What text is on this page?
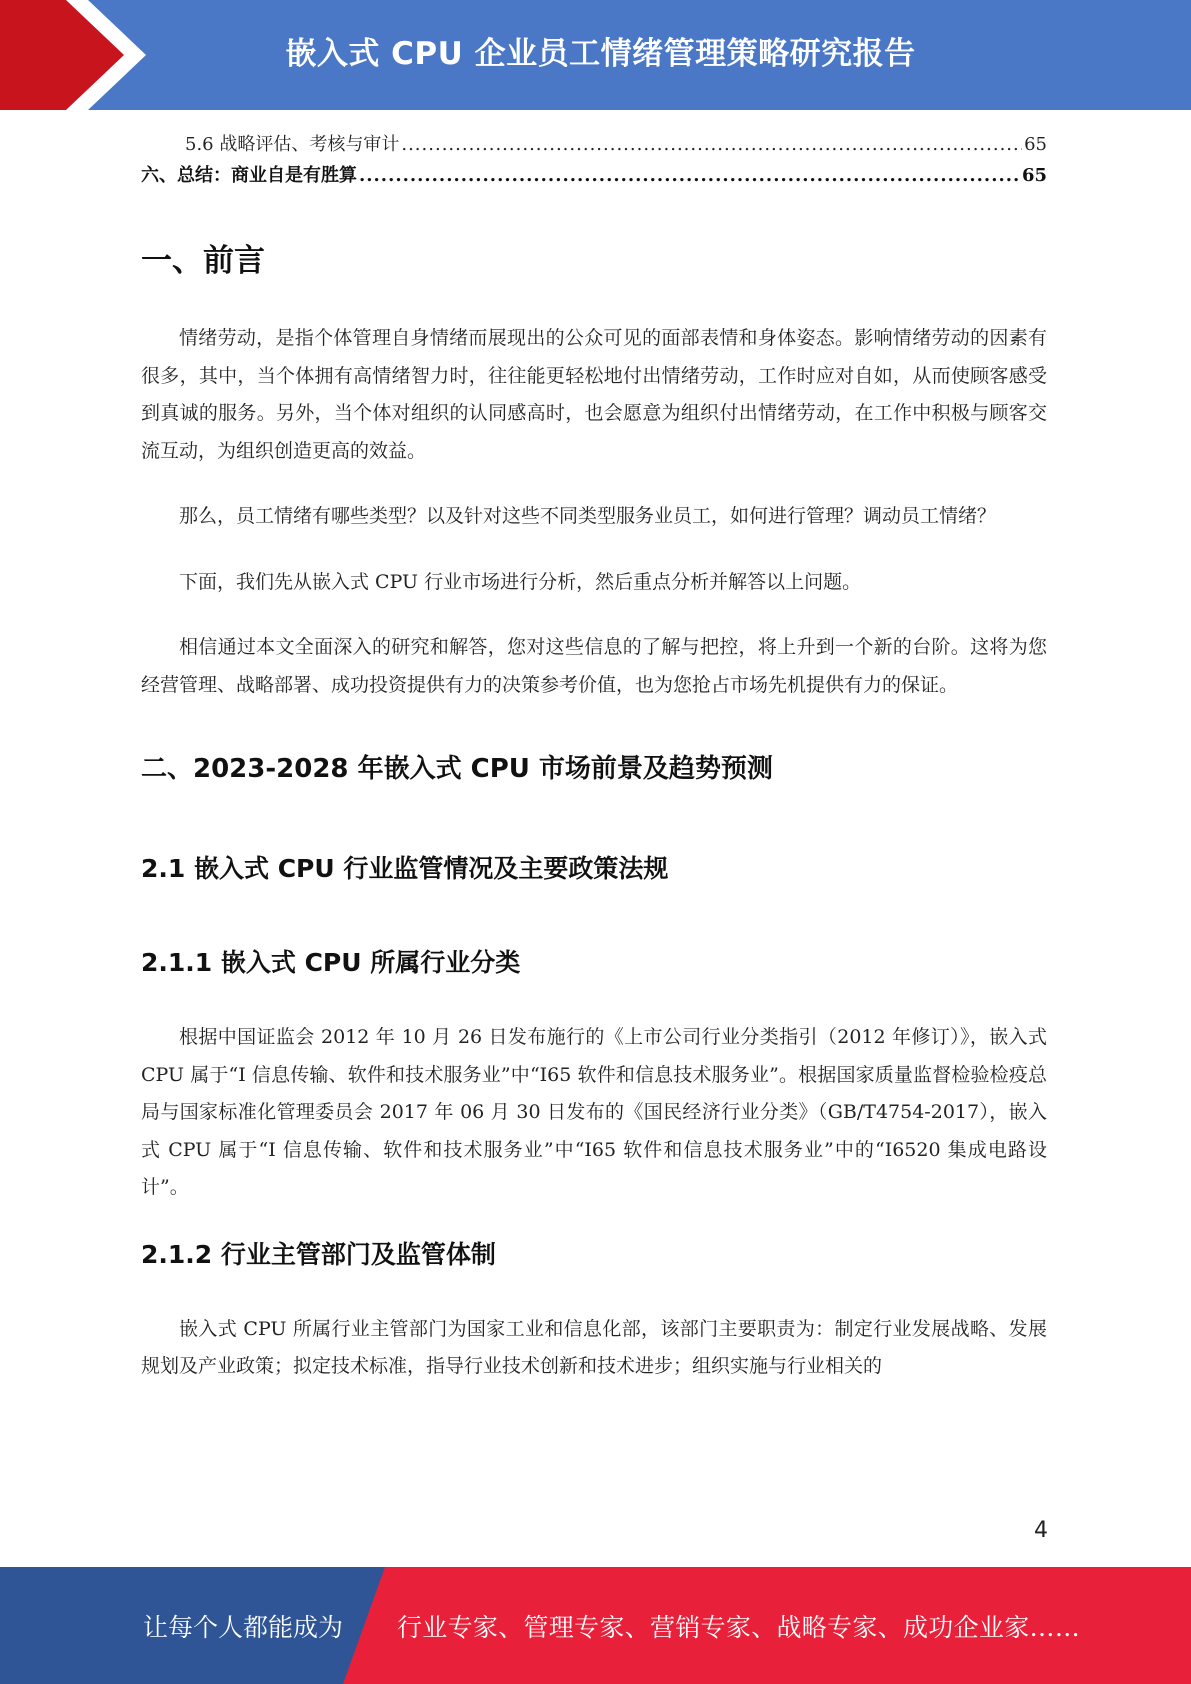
嵌入式 CPU 企业员工情绪管理策略研究报告
5.6 战略评估、考核与审计 .....	65
六、总结：商业自是有胜算 .....	65
一、前言

情绪劳动，是指个体管理自身情绪而展现出的公众可见的面部表情和身体姿态。影响情绪劳动的因素有很多，其中，当个体拥有高情绪智力时，往往能更轻松地付出情绪劳动，工作时应对自如，从而使顾客感受到真诚的服务。另外，当个体对组织的认同感高时，也会愿意为组织付出情绪劳动，在工作中积极与顾客交流互动，为组织创造更高的效益。

那么，员工情绪有哪些类型？以及针对这些不同类型服务业员工，如何进行管理？调动员工情绪？

下面，我们先从嵌入式 CPU 行业市场进行分析，然后重点分析并解答以上问题。

相信通过本文全面深入的研究和解答，您对这些信息的了解与把控，将上升到一个新的台阶。这将为您经营管理、战略部署、成功投资提供有力的决策参考价值，也为您抢占市场先机提供有力的保证。

二、2023-2028 年嵌入式 CPU 市场前景及趋势预测
2.1 嵌入式 CPU 行业监管情况及主要政策法规
2.1.1 嵌入式 CPU 所属行业分类

根据中国证监会 2012 年 10 月 26 日发布施行的《上市公司行业分类指引（2012 年修订）》，嵌入式 CPU 属于“I 信息传输、软件和技术服务业”中“I65 软件和信息技术服务业”。根据国家质量监督检验检疫总局与国家标准化管理委员会 2017 年 06 月 30 日发布的《国民经济行业分类》（GB/T4754-2017），嵌入式 CPU 属于“I 信息传输、软件和技术服务业”中“I65 软件和信息技术服务业”中的“I6520 集成电路设计”。

2.1.2 行业主管部门及监管体制

嵌入式 CPU 所属行业主管部门为国家工业和信息化部，该部门主要职责为：制定行业发展战略、发展规划及产业政策；拟定技术标准，指导行业技术创新和技术进步；组织实施与行业相关的

4
让每个人都能成为 行业专家、管理专家、营销专家、战略专家、成功企业家……
